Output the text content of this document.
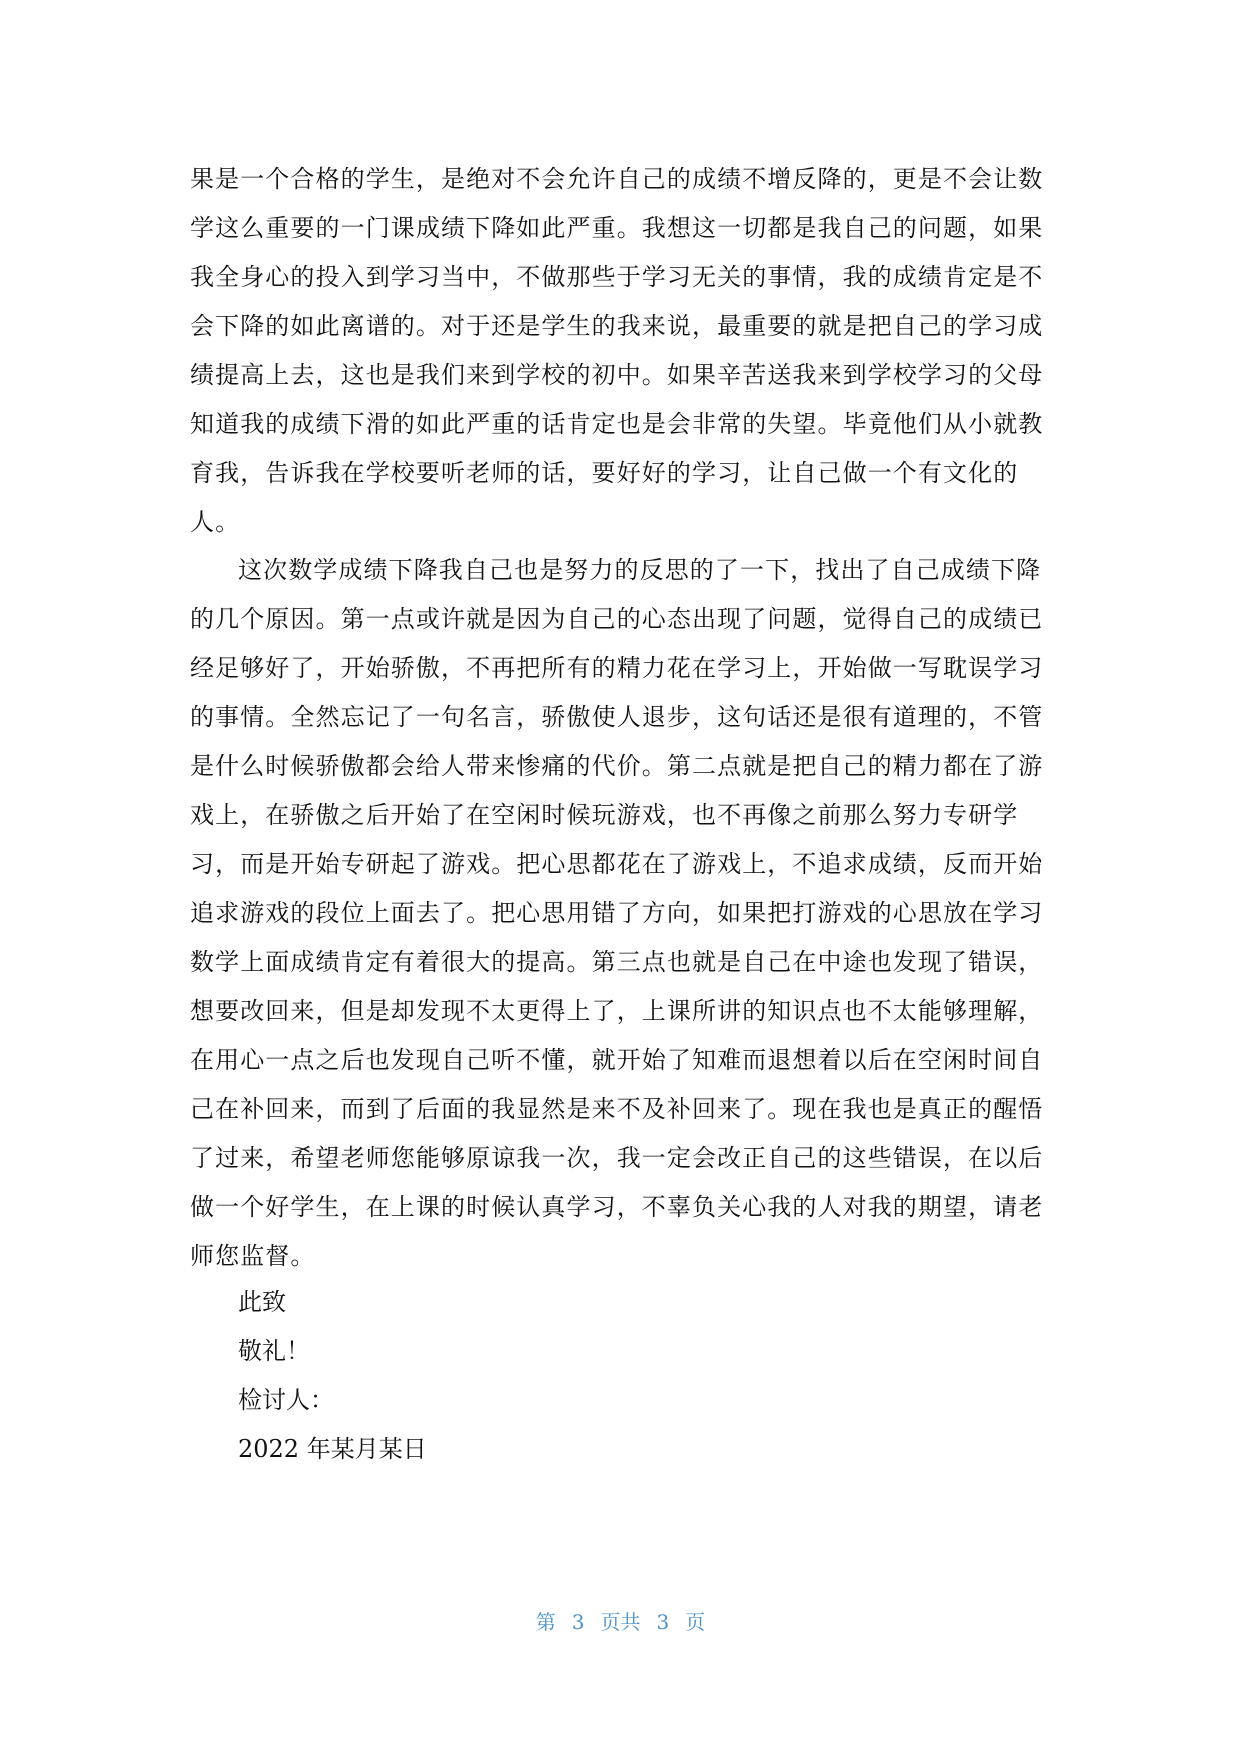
果是一个合格的学生，是绝对不会允许自己的成绩不增反降的，更是不会让数
学这么重要的一门课成绩下降如此严重。我想这一切都是我自己的问题，如果
我全身心的投入到学习当中，不做那些于学习无关的事情，我的成绩肯定是不
会下降的如此离谱的。对于还是学生的我来说，最重要的就是把自己的学习成
绩提高上去，这也是我们来到学校的初中。如果辛苦送我来到学校学习的父母
知道我的成绩下滑的如此严重的话肯定也是会非常的失望。毕竟他们从小就教
育我，告诉我在学校要听老师的话，要好好的学习，让自己做一个有文化的
人。
这次数学成绩下降我自己也是努力的反思的了一下，找出了自己成绩下降
的几个原因。第一点或许就是因为自己的心态出现了问题，觉得自己的成绩已
经足够好了，开始骄傲，不再把所有的精力花在学习上，开始做一写耽误学习
的事情。全然忘记了一句名言，骄傲使人退步，这句话还是很有道理的，不管
是什么时候骄傲都会给人带来惨痛的代价。第二点就是把自己的精力都在了游
戏上，在骄傲之后开始了在空闲时候玩游戏，也不再像之前那么努力专研学
习，而是开始专研起了游戏。把心思都花在了游戏上，不追求成绩，反而开始
追求游戏的段位上面去了。把心思用错了方向，如果把打游戏的心思放在学习
数学上面成绩肯定有着很大的提高。第三点也就是自己在中途也发现了错误，
想要改回来，但是却发现不太更得上了，上课所讲的知识点也不太能够理解，
在用心一点之后也发现自己听不懂，就开始了知难而退想着以后在空闲时间自
己在补回来，而到了后面的我显然是来不及补回来了。现在我也是真正的醒悟
了过来，希望老师您能够原谅我一次，我一定会改正自己的这些错误，在以后
做一个好学生，在上课的时候认真学习，不辜负关心我的人对我的期望，请老
师您监督。
此致
敬礼！
检讨人：
2022 年某月某日
第 3 页共 3 页
